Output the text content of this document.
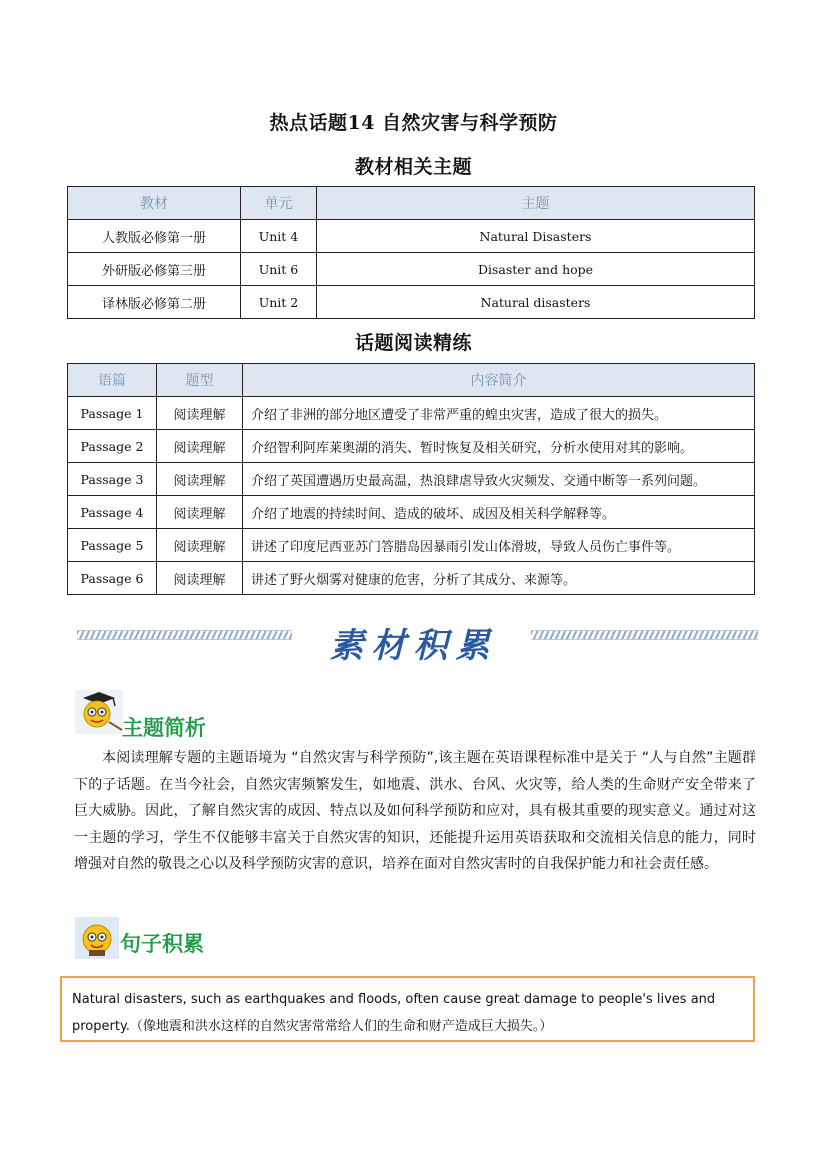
热点话题14 自然灾害与科学预防
教材相关主题
教材	单元	主题
人教版必修第一册	Unit 4	Natural Disasters
外研版必修第三册	Unit 6	Disaster and hope
译林版必修第二册	Unit 2	Natural disasters
话题阅读精练
语篇	题型	内容简介
Passage 1	阅读理解	介绍了非洲的部分地区遭受了非常严重的蝗虫灾害，造成了很大的损失。
Passage 2	阅读理解	介绍智利阿库莱奥湖的消失、暂时恢复及相关研究，分析水使用对其的影响。
Passage 3	阅读理解	介绍了英国遭遇历史最高温，热浪肆虐导致火灾频发、交通中断等一系列问题。
Passage 4	阅读理解	介绍了地震的持续时间、造成的破坏、成因及相关科学解释等。
Passage 5	阅读理解	讲述了印度尼西亚苏门答腊岛因暴雨引发山体滑坡，导致人员伤亡事件等。
Passage 6	阅读理解	讲述了野火烟雾对健康的危害，分析了其成分、来源等。
素材积累
主题简析

本阅读理解专题的主题语境为 “自然灾害与科学预防”,该主题在英语课程标准中是关于 “人与自然”主题群下的子话题。在当今社会，自然灾害频繁发生，如地震、洪水、台风、火灾等，给人类的生命财产安全带来了巨大威胁。因此，了解自然灾害的成因、特点以及如何科学预防和应对，具有极其重要的现实意义。通过对这一主题的学习，学生不仅能够丰富关于自然灾害的知识，还能提升运用英语获取和交流相关信息的能力，同时增强对自然的敬畏之心以及科学预防灾害的意识，培养在面对自然灾害时的自我保护能力和社会责任感。

句子积累
Natural disasters, such as earthquakes and floods, often cause great damage to people's lives and property.（像地震和洪水这样的自然灾害常常给人们的生命和财产造成巨大损失。）
